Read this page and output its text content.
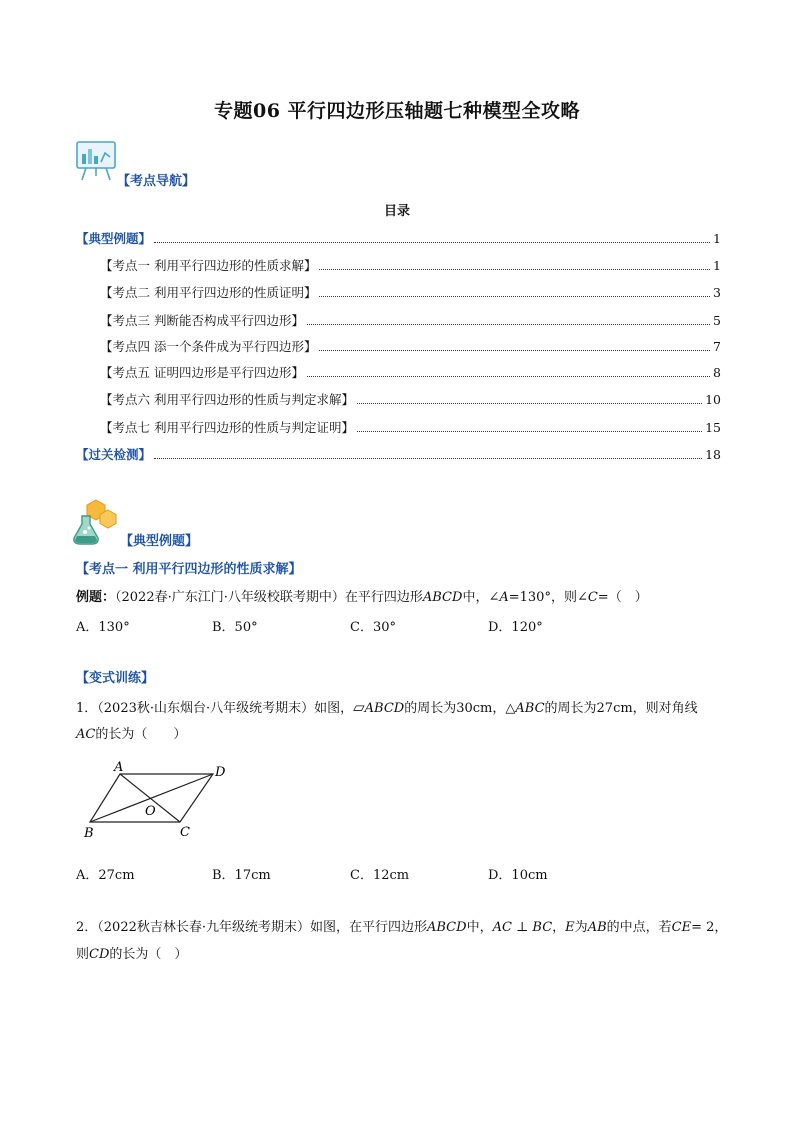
专题06 平行四边形压轴题七种模型全攻略
【考点导航】
目录
【典型例题】	1
【考点一 利用平行四边形的性质求解】	1
【考点二 利用平行四边形的性质证明】	3
【考点三 判断能否构成平行四边形】	5
【考点四 添一个条件成为平行四边形】	7
【考点五 证明四边形是平行四边形】	8
【考点六 利用平行四边形的性质与判定求解】	10
【考点七 利用平行四边形的性质与判定证明】	15
【过关检测】	18
【典型例题】
【考点一 利用平行四边形的性质求解】
例题：（2022春·广东江门·八年级校联考期中）在平行四边形ABCD中，∠A=130°，则∠C=（　）
A．130°	B．50°	C．30°	D．120°
【变式训练】
1．（2023秋·山东烟台·八年级统考期末）如图，▱ABCD的周长为30cm，△ABC的周长为27cm，则对角线
AC的长为（　　）
A	D
O
B	C
A．27cm	B．17cm	C．12cm	D．10cm
2．（2022秋吉林长春·九年级统考期末）如图，在平行四边形ABCD中，AC ⊥ BC，E为AB的中点，若CE= 2，
则CD的长为（　）
